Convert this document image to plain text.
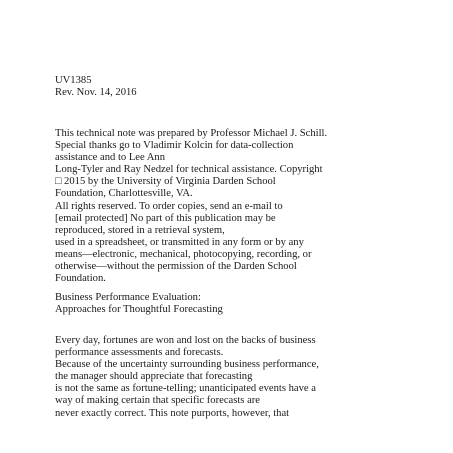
UV1385
Rev. Nov. 14, 2016
This technical note was prepared by Professor Michael J. Schill.
Special thanks go to Vladimir Kolcin for data-collection
assistance and to Lee Ann
Long-Tyler and Ray Nedzel for technical assistance. Copyright
□ 2015 by the University of Virginia Darden School
Foundation, Charlottesville, VA.
All rights reserved. To order copies, send an e-mail to
[email protected] No part of this publication may be
reproduced, stored in a retrieval system,
used in a spreadsheet, or transmitted in any form or by any
means—electronic, mechanical, photocopying, recording, or
otherwise—without the permission of the Darden School
Foundation.
Business Performance Evaluation:
Approaches for Thoughtful Forecasting
Every day, fortunes are won and lost on the backs of business
performance assessments and forecasts.
Because of the uncertainty surrounding business performance,
the manager should appreciate that forecasting
is not the same as fortune-telling; unanticipated events have a
way of making certain that specific forecasts are
never exactly correct. This note purports, however, that
